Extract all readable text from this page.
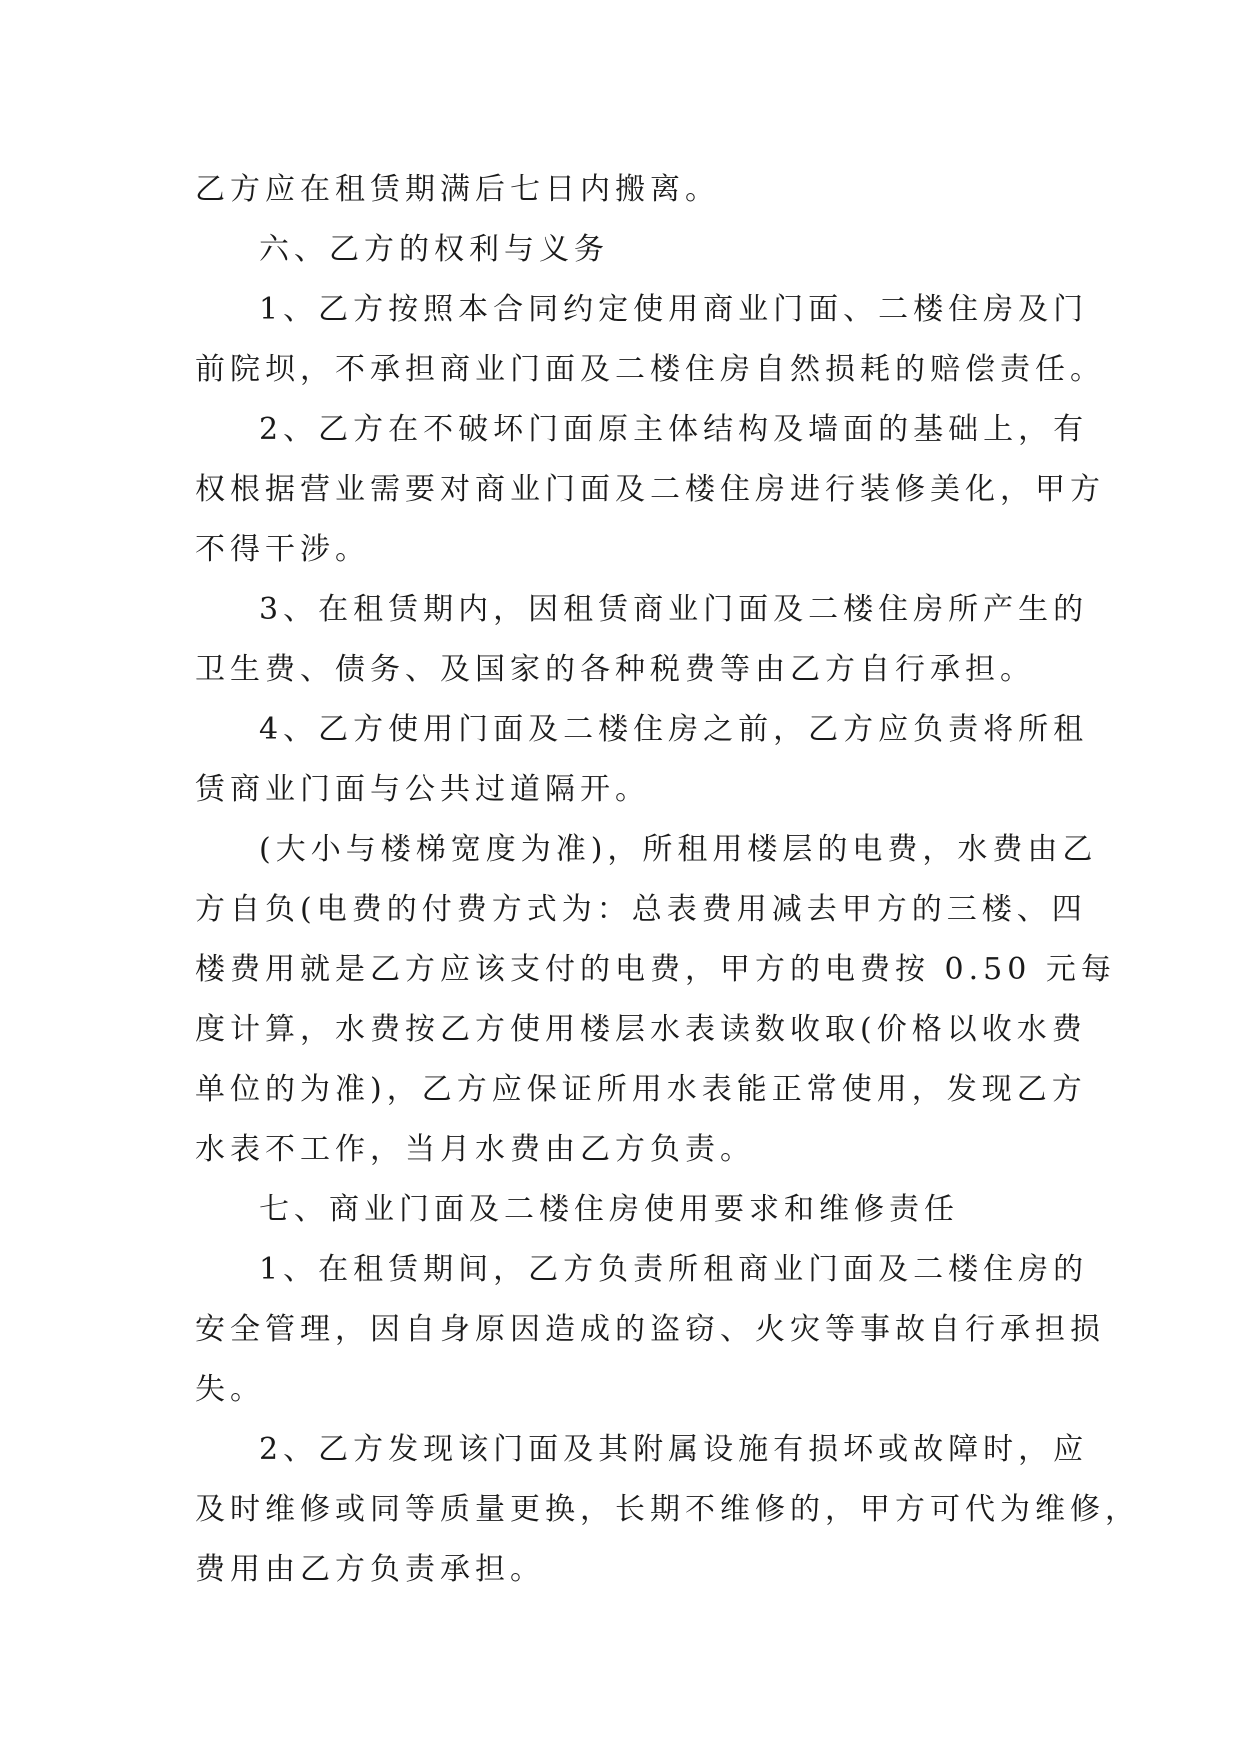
乙方应在租赁期满后七日内搬离。

六、乙方的权利与义务

1、乙方按照本合同约定使用商业门面、二楼住房及门
前院坝，不承担商业门面及二楼住房自然损耗的赔偿责任。

2、乙方在不破坏门面原主体结构及墙面的基础上，有
权根据营业需要对商业门面及二楼住房进行装修美化，甲方
不得干涉。

3、在租赁期内，因租赁商业门面及二楼住房所产生的
卫生费、债务、及国家的各种税费等由乙方自行承担。

4、乙方使用门面及二楼住房之前，乙方应负责将所租
赁商业门面与公共过道隔开。

(大小与楼梯宽度为准)，所租用楼层的电费，水费由乙
方自负(电费的付费方式为：总表费用减去甲方的三楼、四
楼费用就是乙方应该支付的电费，甲方的电费按 0.50 元每
度计算，水费按乙方使用楼层水表读数收取(价格以收水费
单位的为准)，乙方应保证所用水表能正常使用，发现乙方
水表不工作，当月水费由乙方负责。

七、商业门面及二楼住房使用要求和维修责任

1、在租赁期间，乙方负责所租商业门面及二楼住房的
安全管理，因自身原因造成的盗窃、火灾等事故自行承担损
失。

2、乙方发现该门面及其附属设施有损坏或故障时，应
及时维修或同等质量更换，长期不维修的，甲方可代为维修，
费用由乙方负责承担。
